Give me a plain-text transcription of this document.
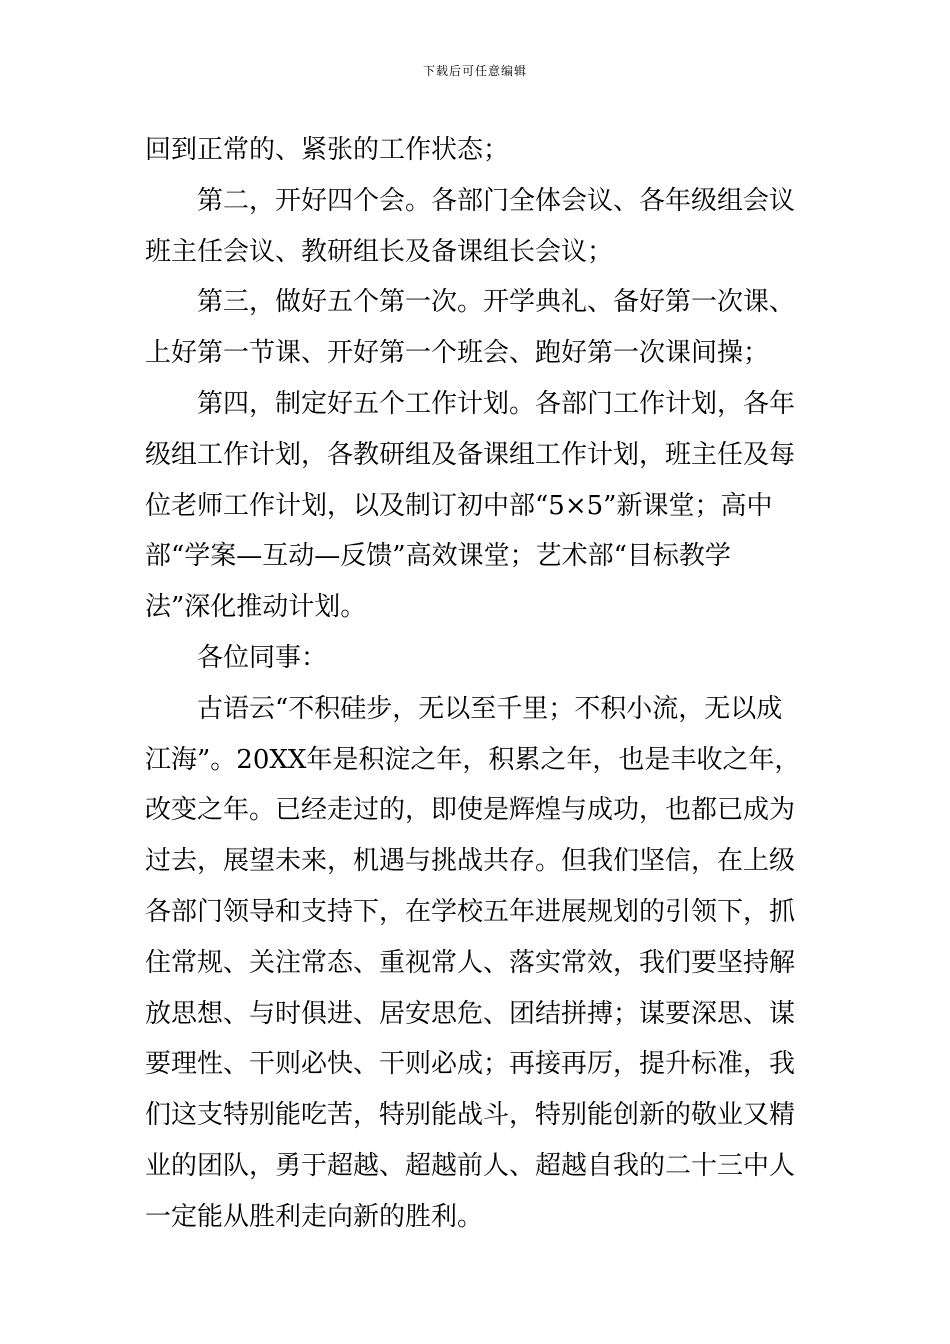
下载后可任意编辑
回到正常的、紧张的工作状态；
第二，开好四个会。各部门全体会议、各年级组会议
班主任会议、教研组长及备课组长会议；
第三，做好五个第一次。开学典礼、备好第一次课、
上好第一节课、开好第一个班会、跑好第一次课间操；
第四，制定好五个工作计划。各部门工作计划，各年
级组工作计划，各教研组及备课组工作计划，班主任及每
位老师工作计划，以及制订初中部“5×5”新课堂；高中
部“学案—互动—反馈”高效课堂；艺术部“目标教学
法”深化推动计划。
各位同事：
古语云“不积硅步，无以至千里；不积小流，无以成
江海”。20XX年是积淀之年，积累之年，也是丰收之年，
改变之年。已经走过的，即使是辉煌与成功，也都已成为
过去，展望未来，机遇与挑战共存。但我们坚信，在上级
各部门领导和支持下，在学校五年进展规划的引领下，抓
住常规、关注常态、重视常人、落实常效，我们要坚持解
放思想、与时俱进、居安思危、团结拼搏；谋要深思、谋
要理性、干则必快、干则必成；再接再厉，提升标准，我
们这支特别能吃苦，特别能战斗，特别能创新的敬业又精
业的团队，勇于超越、超越前人、超越自我的二十三中人
一定能从胜利走向新的胜利。
